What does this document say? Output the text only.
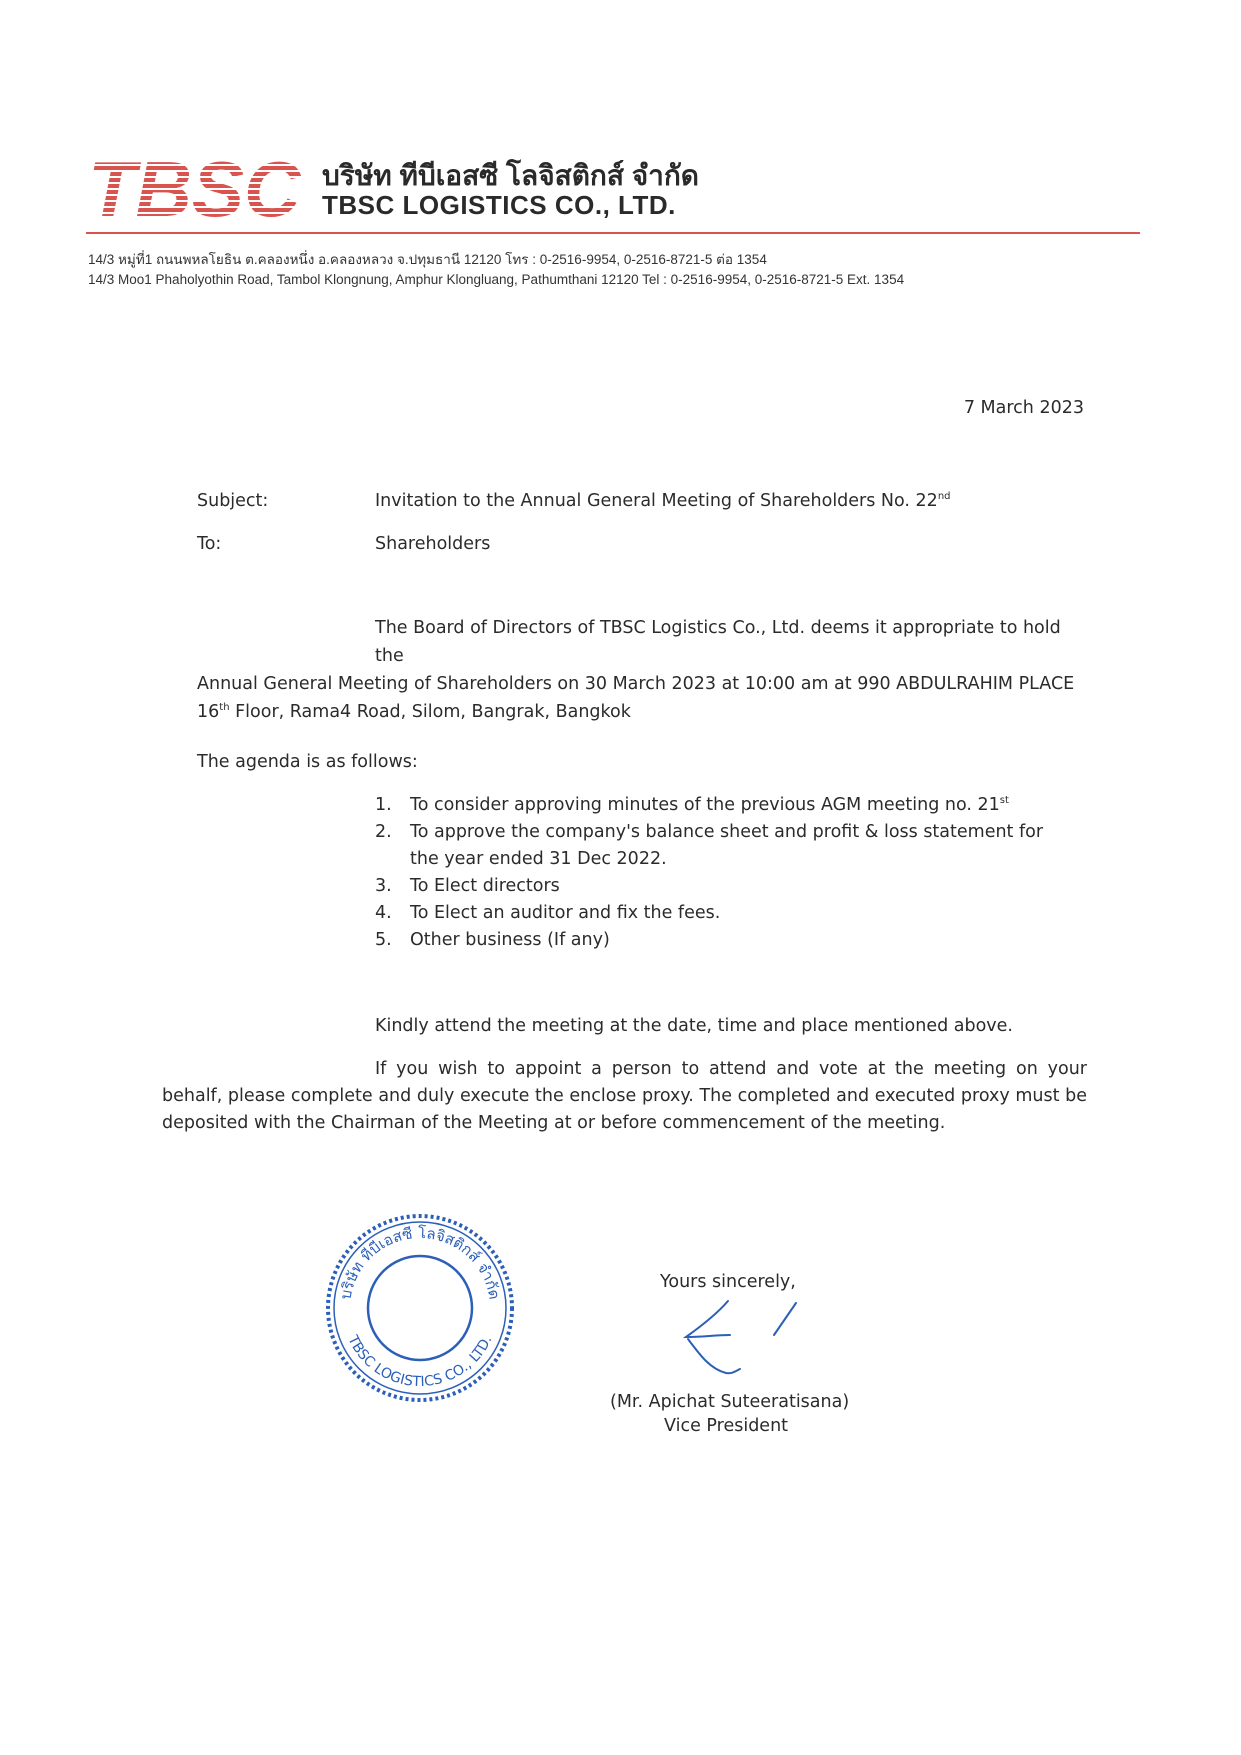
TBSC บริษัท ทีบีเอสซี โลจิสติกส์ จำกัด
TBSC LOGISTICS CO., LTD.
14/3 หมู่ที่1 ถนนพหลโยธิน ต.คลองหนึ่ง อ.คลองหลวง จ.ปทุมธานี 12120 โทร : 0-2516-9954, 0-2516-8721-5 ต่อ 1354
14/3 Moo1 Phaholyothin Road, Tambol Klongnung, Amphur Klongluang, Pathumthani 12120 Tel : 0-2516-9954, 0-2516-8721-5 Ext. 1354
7 March 2023
Subject:	Invitation to the Annual General Meeting of Shareholders No. 22nd
To:	Shareholders
The Board of Directors of TBSC Logistics Co., Ltd. deems it appropriate to hold the
Annual General Meeting of Shareholders on 30 March 2023 at 10:00 am at 990 ABDULRAHIM PLACE
16th Floor, Rama4 Road, Silom, Bangrak, Bangkok
The agenda is as follows:
1. To consider approving minutes of the previous AGM meeting no. 21st
2. To approve the company's balance sheet and profit & loss statement for the year ended 31 Dec 2022.
3. To Elect directors
4. To Elect an auditor and fix the fees.
5. Other business (If any)
Kindly attend the meeting at the date, time and place mentioned above.
If you wish to appoint a person to attend and vote at the meeting on your behalf, please complete and duly execute the enclose proxy. The completed and executed proxy must be deposited with the Chairman of the Meeting at or before commencement of the meeting.
บริษัท ทีบีเอสซี โลจิสติกส์ จำกัด
TBSC LOGISTICS CO., LTD.
Yours sincerely,
(Mr. Apichat Suteeratisana)
Vice President
